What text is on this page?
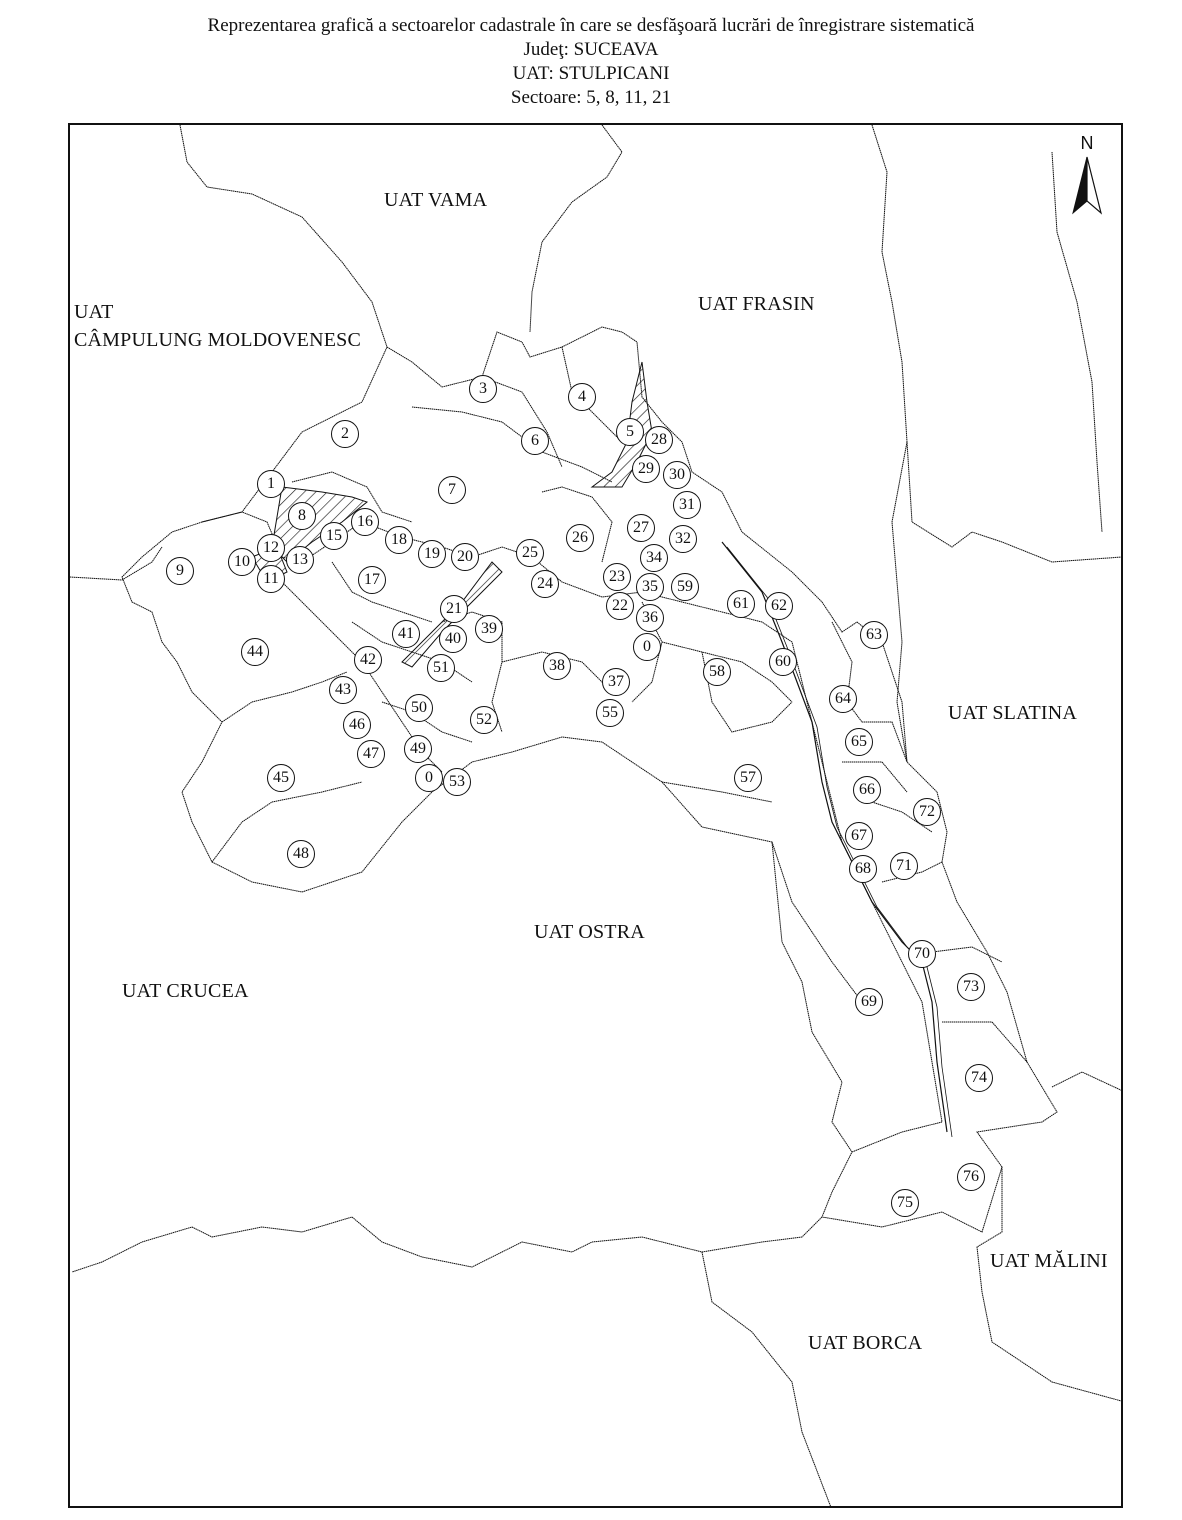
Reprezentarea grafică a sectoarelor cadastrale în care se desfăşoară lucrări de înregistrare sistematică

Judeţ: SUCEAVA

UAT: STULPICANI

Sectoare: 5, 8, 11, 21

UAT VAMA
UAT FRASIN
UAT
CÂMPULUNG MOLDOVENESC
UAT SLATINA
UAT OSTRA
UAT CRUCEA
UAT MĂLINI
UAT BORCA
1
2
3	4
5
6
7
8
9
10
11
12
13
15
16
17
18
19	20
21	22
23
24
25
26
27
28
29 30
31
32
34
35
36
0
37
38
39
40
41
42
43
44
45
46
47
48
49
0
50
51
52
53
55
57
58
59
60
61	62
63
64
65
66
67
68
69
70
71
72
73
74
75
76
N
